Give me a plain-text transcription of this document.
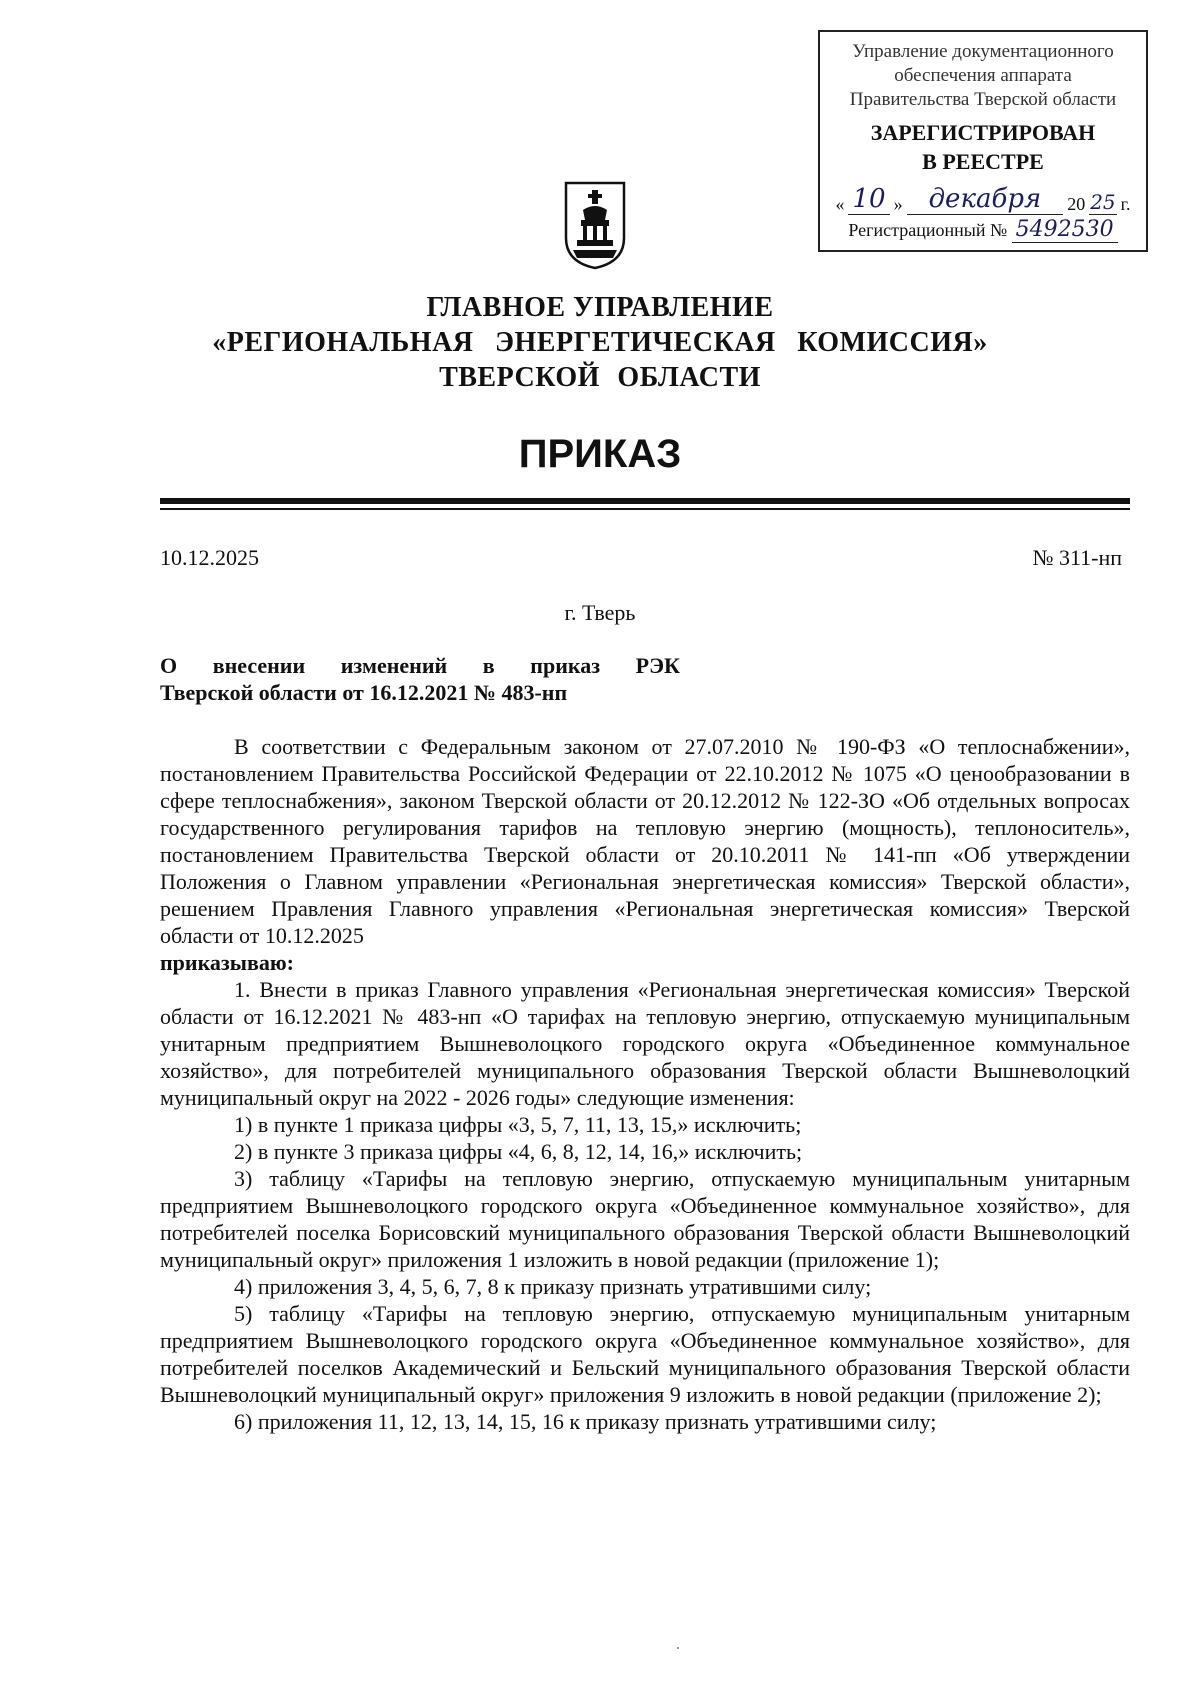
Управление документационного
обеспечения аппарата
Правительства Тверской области
ЗАРЕГИСТРИРОВАН
В РЕЕСТРЕ
« 10 »	декабря	20 25 г.
Регистрационный № 5492530
ГЛАВНОЕ УПРАВЛЕНИЕ
«РЕГИОНАЛЬНАЯ ЭНЕРГЕТИЧЕСКАЯ КОМИССИЯ»
ТВЕРСКОЙ ОБЛАСТИ
ПРИКАЗ
10.12.2025	№ 311-нп
г. Тверь
О внесении изменений в приказ РЭК
Тверской области от 16.12.2021 № 483-нп

В соответствии с Федеральным законом от 27.07.2010 № 190-ФЗ «О теплоснабжении», постановлением Правительства Российской Федерации от 22.10.2012 № 1075 «О ценообразовании в сфере теплоснабжения», законом Тверской области от 20.12.2012 № 122-ЗО «Об отдельных вопросах государственного регулирования тарифов на тепловую энергию (мощность), теплоноситель», постановлением Правительства Тверской области от 20.10.2011 № 141-пп «Об утверждении Положения о Главном управлении «Региональная энергетическая комиссия» Тверской области», решением Правления Главного управления «Региональная энергетическая комиссия» Тверской области от 10.12.2025

приказываю:

1. Внести в приказ Главного управления «Региональная энергетическая комиссия» Тверской области от 16.12.2021 № 483-нп «О тарифах на тепловую энергию, отпускаемую муниципальным унитарным предприятием Вышневолоцкого городского округа «Объединенное коммунальное хозяйство», для потребителей муниципального образования Тверской области Вышневолоцкий муниципальный округ на 2022 - 2026 годы» следующие изменения:

1) в пункте 1 приказа цифры «3, 5, 7, 11, 13, 15,» исключить;

2) в пункте 3 приказа цифры «4, 6, 8, 12, 14, 16,» исключить;

3) таблицу «Тарифы на тепловую энергию, отпускаемую муниципальным унитарным предприятием Вышневолоцкого городского округа «Объединенное коммунальное хозяйство», для потребителей поселка Борисовский муниципального образования Тверской области Вышневолоцкий муниципальный округ» приложения 1 изложить в новой редакции (приложение 1);

4) приложения 3, 4, 5, 6, 7, 8 к приказу признать утратившими силу;

5) таблицу «Тарифы на тепловую энергию, отпускаемую муниципальным унитарным предприятием Вышневолоцкого городского округа «Объединенное коммунальное хозяйство», для потребителей поселков Академический и Бельский муниципального образования Тверской области Вышневолоцкий муниципальный округ» приложения 9 изложить в новой редакции (приложение 2);

6) приложения 11, 12, 13, 14, 15, 16 к приказу признать утратившими силу;
